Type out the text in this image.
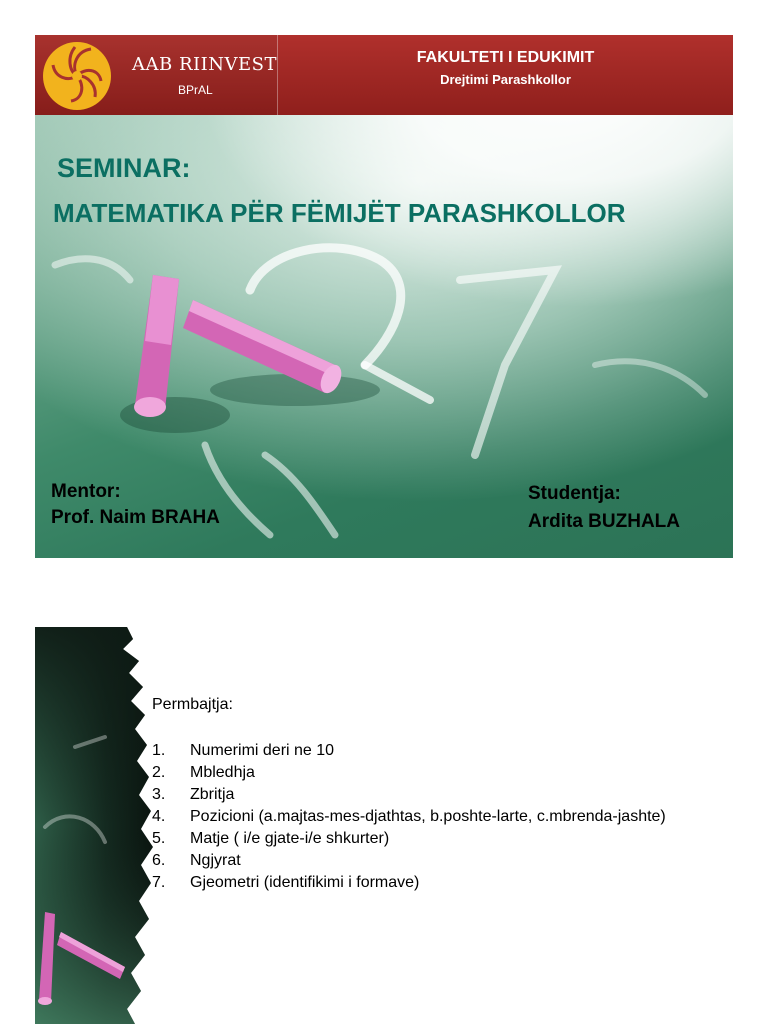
AAB RIINVEST
BPrAL
FAKULTETI I EDUKIMIT
Drejtimi Parashkollor
SEMINAR:
MATEMATIKA PËR FËMIJËT PARASHKOLLOR
Mentor:
Prof. Naim BRAHA
Studentja:
Ardita BUZHALA
Permbajtja:
1. Numerimi deri ne 10
2. Mbledhja
3. Zbritja
4. Pozicioni (a.majtas-mes-djathtas, b.poshte-larte, c.mbrenda-jashte)
5. Matje ( i/e gjate-i/e shkurter)
6. Ngjyrat
7. Gjeometri (identifikimi i formave)
